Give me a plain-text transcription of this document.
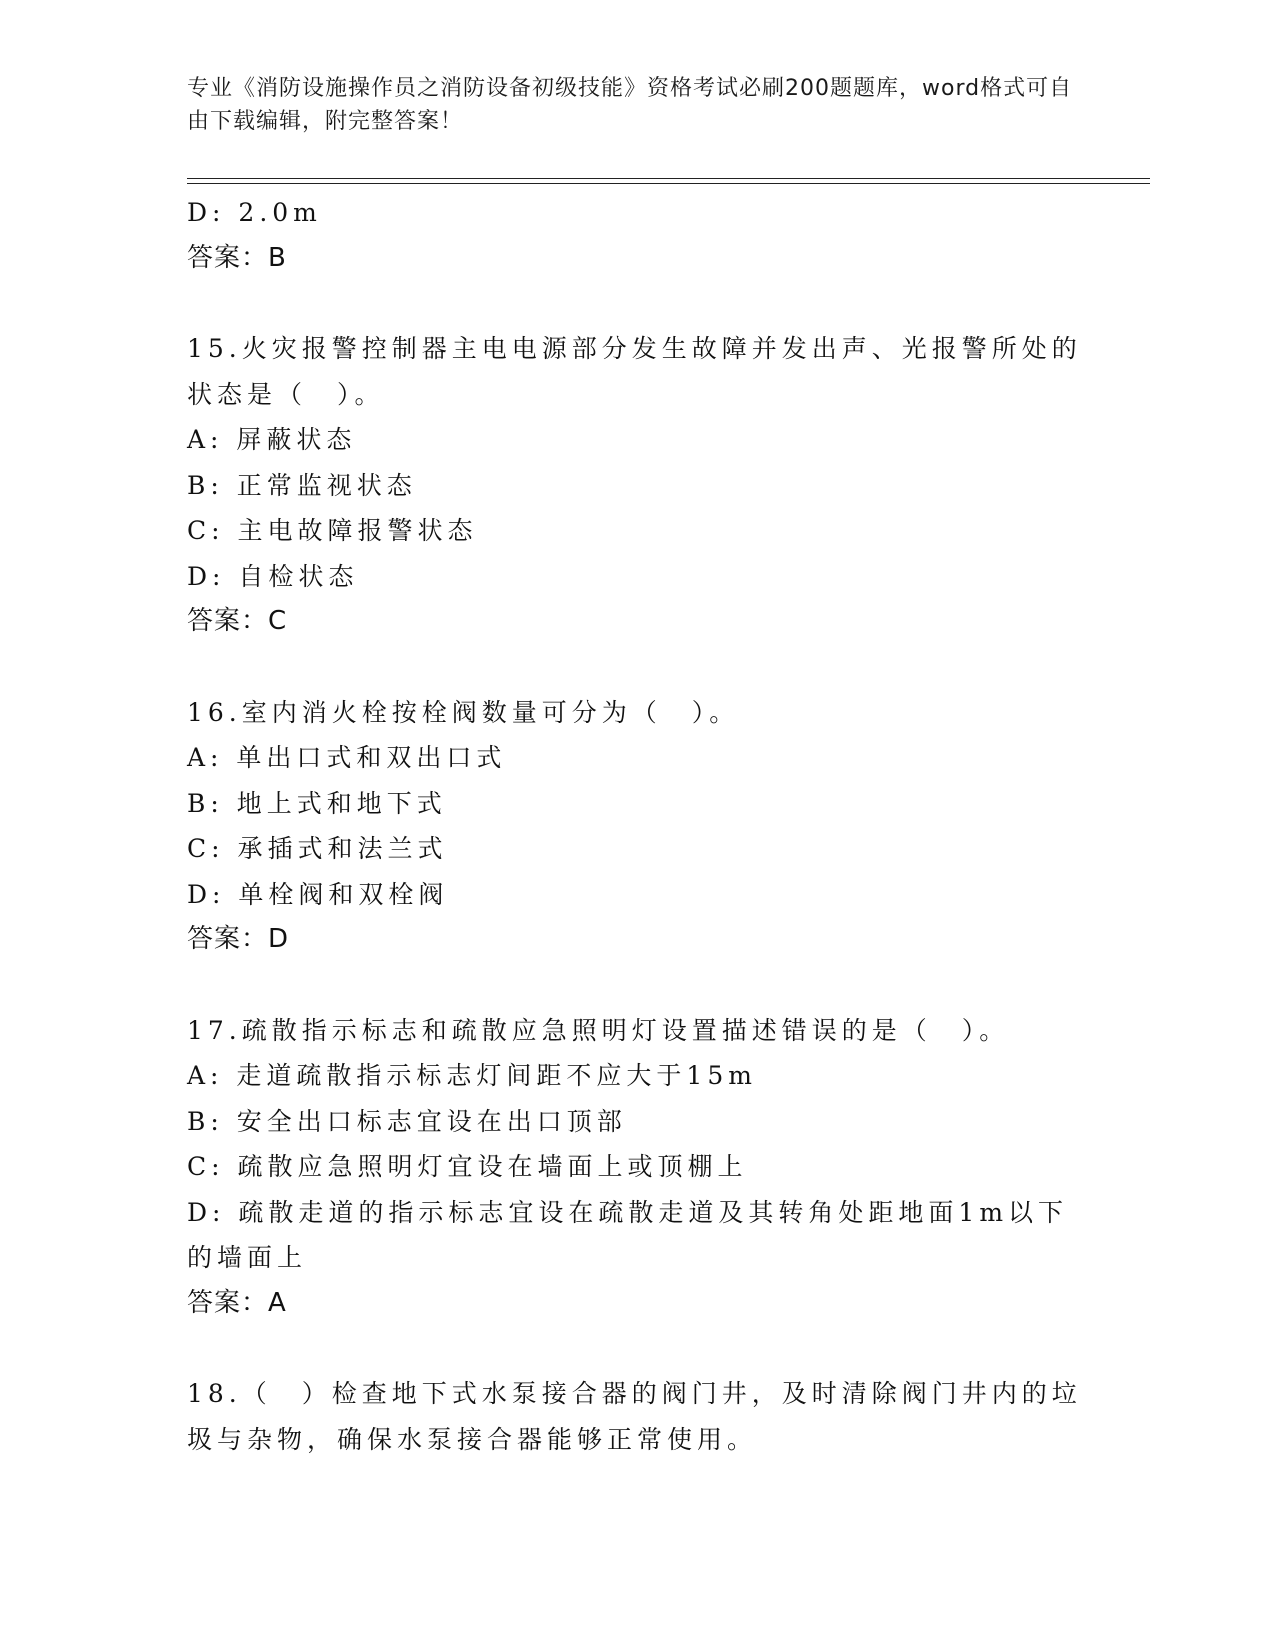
专业《消防设施操作员之消防设备初级技能》资格考试必刷200题题库，word格式可自由下载编辑，附完整答案！
D: 2.0m
答案：B
15.火灾报警控制器主电电源部分发生故障并发出声、光报警所处的状态是（　）。
A: 屏蔽状态
B: 正常监视状态
C: 主电故障报警状态
D: 自检状态
答案：C
16.室内消火栓按栓阀数量可分为（　）。
A: 单出口式和双出口式
B: 地上式和地下式
C: 承插式和法兰式
D: 单栓阀和双栓阀
答案：D
17.疏散指示标志和疏散应急照明灯设置描述错误的是（　）。
A: 走道疏散指示标志灯间距不应大于15m
B: 安全出口标志宜设在出口顶部
C: 疏散应急照明灯宜设在墙面上或顶棚上
D: 疏散走道的指示标志宜设在疏散走道及其转角处距地面1m以下的墙面上
答案：A
18.（　）检查地下式水泵接合器的阀门井，及时清除阀门井内的垃圾与杂物，确保水泵接合器能够正常使用。
